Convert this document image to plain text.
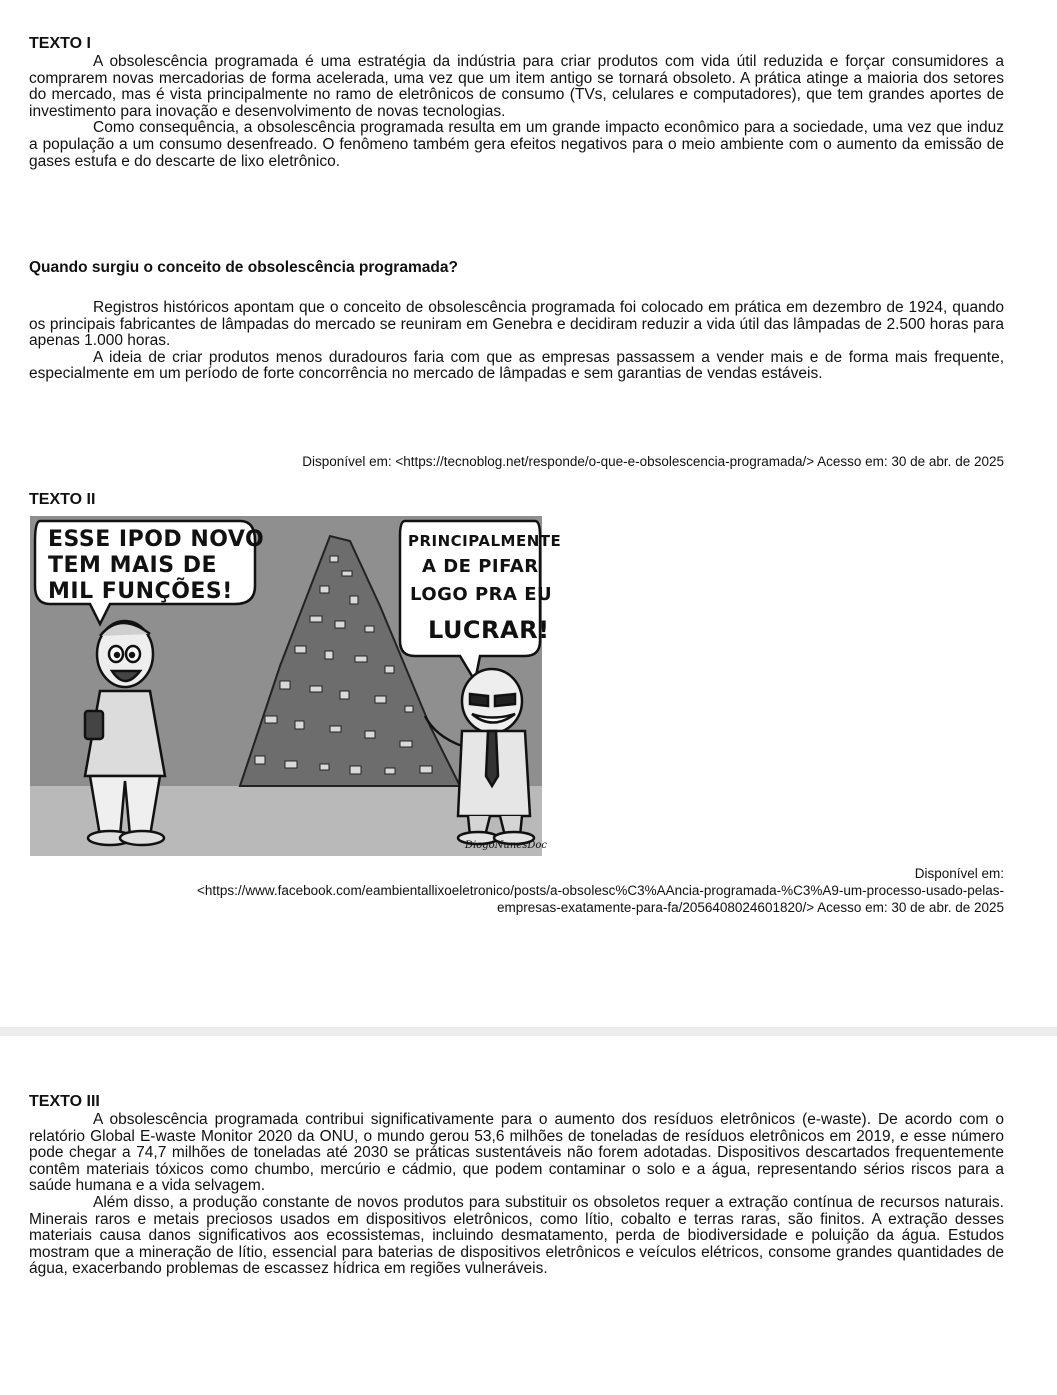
TEXTO I

A obsolescência programada é uma estratégia da indústria para criar produtos com vida útil reduzida e forçar consumidores a comprarem novas mercadorias de forma acelerada, uma vez que um item antigo se tornará obsoleto. A prática atinge a maioria dos setores do mercado, mas é vista principalmente no ramo de eletrônicos de consumo (TVs, celulares e computadores), que tem grandes aportes de investimento para inovação e desenvolvimento de novas tecnologias.

Como consequência, a obsolescência programada resulta em um grande impacto econômico para a sociedade, uma vez que induz a população a um consumo desenfreado. O fenômeno também gera efeitos negativos para o meio ambiente com o aumento da emissão de gases estufa e do descarte de lixo eletrônico.

Quando surgiu o conceito de obsolescência programada?

Registros históricos apontam que o conceito de obsolescência programada foi colocado em prática em dezembro de 1924, quando os principais fabricantes de lâmpadas do mercado se reuniram em Genebra e decidiram reduzir a vida útil das lâmpadas de 2.500 horas para apenas 1.000 horas.

A ideia de criar produtos menos duradouros faria com que as empresas passassem a vender mais e de forma mais frequente, especialmente em um período de forte concorrência no mercado de lâmpadas e sem garantias de vendas estáveis.

Disponível em: <https://tecnoblog.net/responde/o-que-e-obsolescencia-programada/> Acesso em: 30 de abr. de 2025
TEXTO II
ESSE IPOD NOVO
TEM MAIS DE
MIL FUNÇÕES!
PRINCIPALMENTE
A DE PIFAR
LOGO PRA EU
LUCRAR!
DiogoNunesDoc
Disponível em:
<https://www.facebook.com/eambientallixoeletronico/posts/a-obsolesc%C3%AAncia-programada-%C3%A9-um-processo-usado-pelas-
empresas-exatamente-para-fa/2056408024601820/> Acesso em: 30 de abr. de 2025
TEXTO III

A obsolescência programada contribui significativamente para o aumento dos resíduos eletrônicos (e-waste). De acordo com o relatório Global E-waste Monitor 2020 da ONU, o mundo gerou 53,6 milhões de toneladas de resíduos eletrônicos em 2019, e esse número pode chegar a 74,7 milhões de toneladas até 2030 se práticas sustentáveis não forem adotadas. Dispositivos descartados frequentemente contêm materiais tóxicos como chumbo, mercúrio e cádmio, que podem contaminar o solo e a água, representando sérios riscos para a saúde humana e a vida selvagem.

Além disso, a produção constante de novos produtos para substituir os obsoletos requer a extração contínua de recursos naturais. Minerais raros e metais preciosos usados em dispositivos eletrônicos, como lítio, cobalto e terras raras, são finitos. A extração desses materiais causa danos significativos aos ecossistemas, incluindo desmatamento, perda de biodiversidade e poluição da água. Estudos mostram que a mineração de lítio, essencial para baterias de dispositivos eletrônicos e veículos elétricos, consome grandes quantidades de água, exacerbando problemas de escassez hídrica em regiões vulneráveis.
